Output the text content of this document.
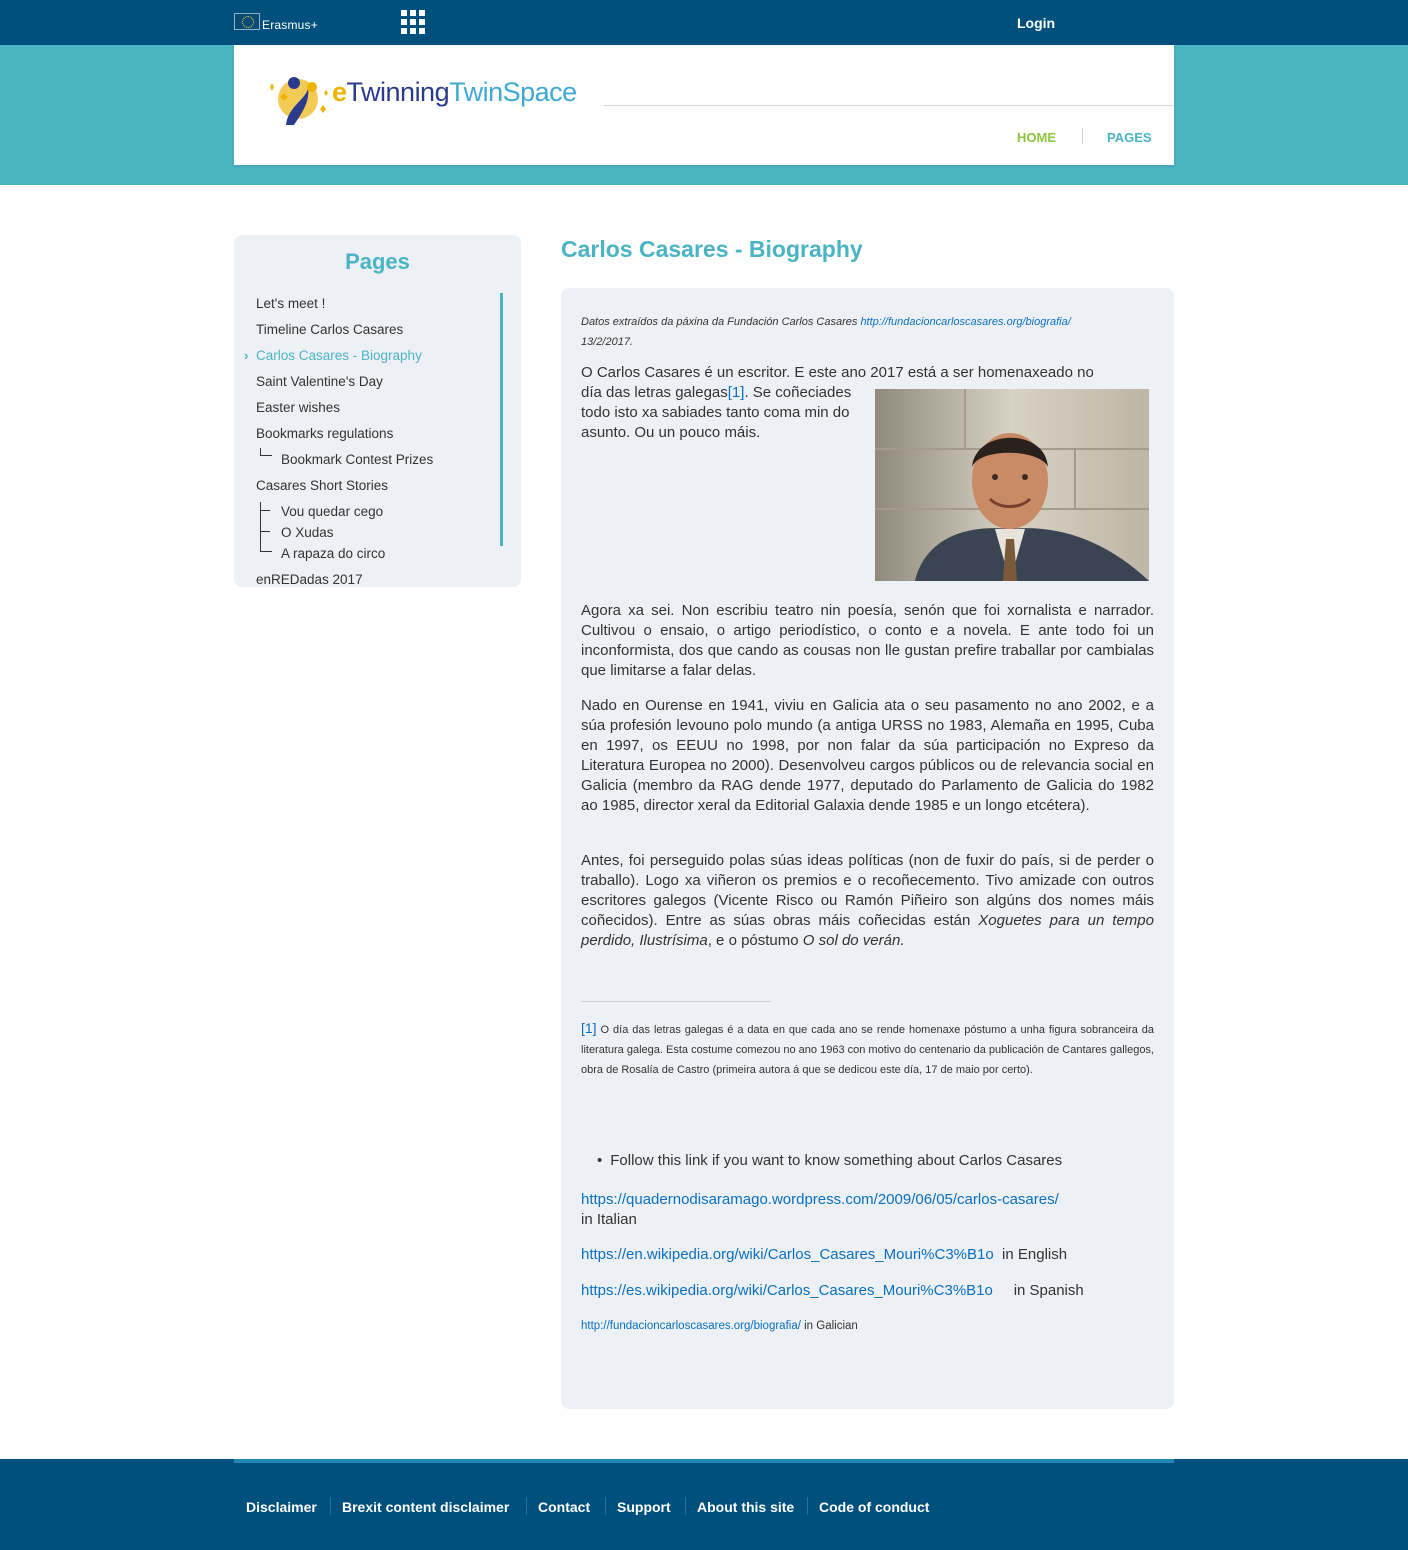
Erasmus+	Login
eTwinningTwinSpace
HOME	PAGES
Pages
Let's meet !
Timeline Carlos Casares
› Carlos Casares - Biography
Saint Valentine's Day
Easter wishes
Bookmarks regulations
Bookmark Contest Prizes
Casares Short Stories
Vou quedar cego
O Xudas
A rapaza do circo
enREDadas 2017
Carlos Casares - Biography
Datos extraídos da páxina da Fundación Carlos Casares http://fundacioncarloscasares.org/biografia/
13/2/2017.
O Carlos Casares é un escritor. E este ano 2017 está a ser homenaxeado no
día das letras galegas[1]. Se coñeciades todo isto xa sabiades tanto coma min do asunto. Ou un pouco máis.
Agora xa sei. Non escribiu teatro nin poesía, senón que foi xornalista e narrador. Cultivou o ensaio, o artigo periodístico, o conto e a novela. E ante todo foi un inconformista, dos que cando as cousas non lle gustan prefire traballar por cambialas que limitarse a falar delas.
Nado en Ourense en 1941, viviu en Galicia ata o seu pasamento no ano 2002, e a súa profesión levouno polo mundo (a antiga URSS no 1983, Alemaña en 1995, Cuba en 1997, os EEUU no 1998, por non falar da súa participación no Expreso da Literatura Europea no 2000). Desenvolveu cargos públicos ou de relevancia social en Galicia (membro da RAG dende 1977, deputado do Parlamento de Galicia do 1982 ao 1985, director xeral da Editorial Galaxia dende 1985 e un longo etcétera).
Antes, foi perseguido polas súas ideas políticas (non de fuxir do país, si de perder o traballo). Logo xa viñeron os premios e o recoñecemento. Tivo amizade con outros escritores galegos (Vicente Risco ou Ramón Piñeiro son algúns dos nomes máis coñecidos). Entre as súas obras máis coñecidas están Xoguetes para un tempo perdido, Ilustrísima, e o póstumo O sol do verán.
[1] O día das letras galegas é a data en que cada ano se rende homenaxe póstumo a unha figura sobranceira da literatura galega. Esta costume comezou no ano 1963 con motivo do centenario da publicación de Cantares gallegos, obra de Rosalía de Castro (primeira autora á que se dedicou este día, 17 de maio por certo).
• Follow this link if you want to know something about Carlos Casares
https://quadernodisaramago.wordpress.com/2009/06/05/carlos-casares/
in Italian
https://en.wikipedia.org/wiki/Carlos_Casares_Mouri%C3%B1o in English
https://es.wikipedia.org/wiki/Carlos_Casares_Mouri%C3%B1o in Spanish
http://fundacioncarloscasares.org/biografia/ in Galician
Disclaimer Brexit content disclaimer Contact Support About this site Code of conduct
